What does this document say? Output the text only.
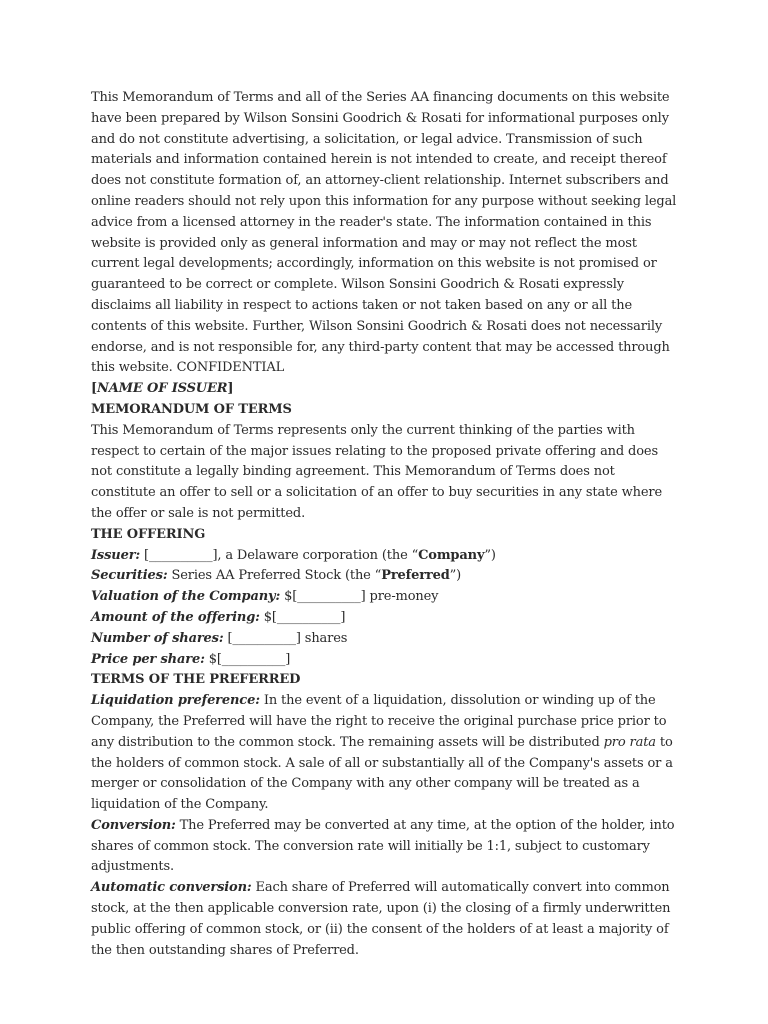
This Memorandum of Terms and all of the Series AA financing documents on this website have been prepared by Wilson Sonsini Goodrich & Rosati for informational purposes only and do not constitute advertising, a solicitation, or legal advice. Transmission of such materials and information contained herein is not intended to create, and receipt thereof does not constitute formation of, an attorney-client relationship. Internet subscribers and online readers should not rely upon this information for any purpose without seeking legal advice from a licensed attorney in the reader's state. The information contained in this website is provided only as general information and may or may not reflect the most current legal developments; accordingly, information on this website is not promised or guaranteed to be correct or complete. Wilson Sonsini Goodrich & Rosati expressly disclaims all liability in respect to actions taken or not taken based on any or all the contents of this website. Further, Wilson Sonsini Goodrich & Rosati does not necessarily endorse, and is not responsible for, any third-party content that may be accessed through this website. CONFIDENTIAL

[NAME OF ISSUER]

MEMORANDUM OF TERMS

This Memorandum of Terms represents only the current thinking of the parties with respect to certain of the major issues relating to the proposed private offering and does not constitute a legally binding agreement. This Memorandum of Terms does not constitute an offer to sell or a solicitation of an offer to buy securities in any state where the offer or sale is not permitted.

THE OFFERING

Issuer: [__________], a Delaware corporation (the “Company”)

Securities: Series AA Preferred Stock (the “Preferred”)

Valuation of the Company: $[__________] pre-money

Amount of the offering: $[__________]

Number of shares: [__________] shares

Price per share: $[__________]

TERMS OF THE PREFERRED

Liquidation preference: In the event of a liquidation, dissolution or winding up of the Company, the Preferred will have the right to receive the original purchase price prior to any distribution to the common stock. The remaining assets will be distributed pro rata to the holders of common stock. A sale of all or substantially all of the Company's assets or a merger or consolidation of the Company with any other company will be treated as a liquidation of the Company.

Conversion: The Preferred may be converted at any time, at the option of the holder, into shares of common stock. The conversion rate will initially be 1:1, subject to customary adjustments.

Automatic conversion: Each share of Preferred will automatically convert into common stock, at the then applicable conversion rate, upon (i) the closing of a firmly underwritten public offering of common stock, or (ii) the consent of the holders of at least a majority of the then outstanding shares of Preferred.
